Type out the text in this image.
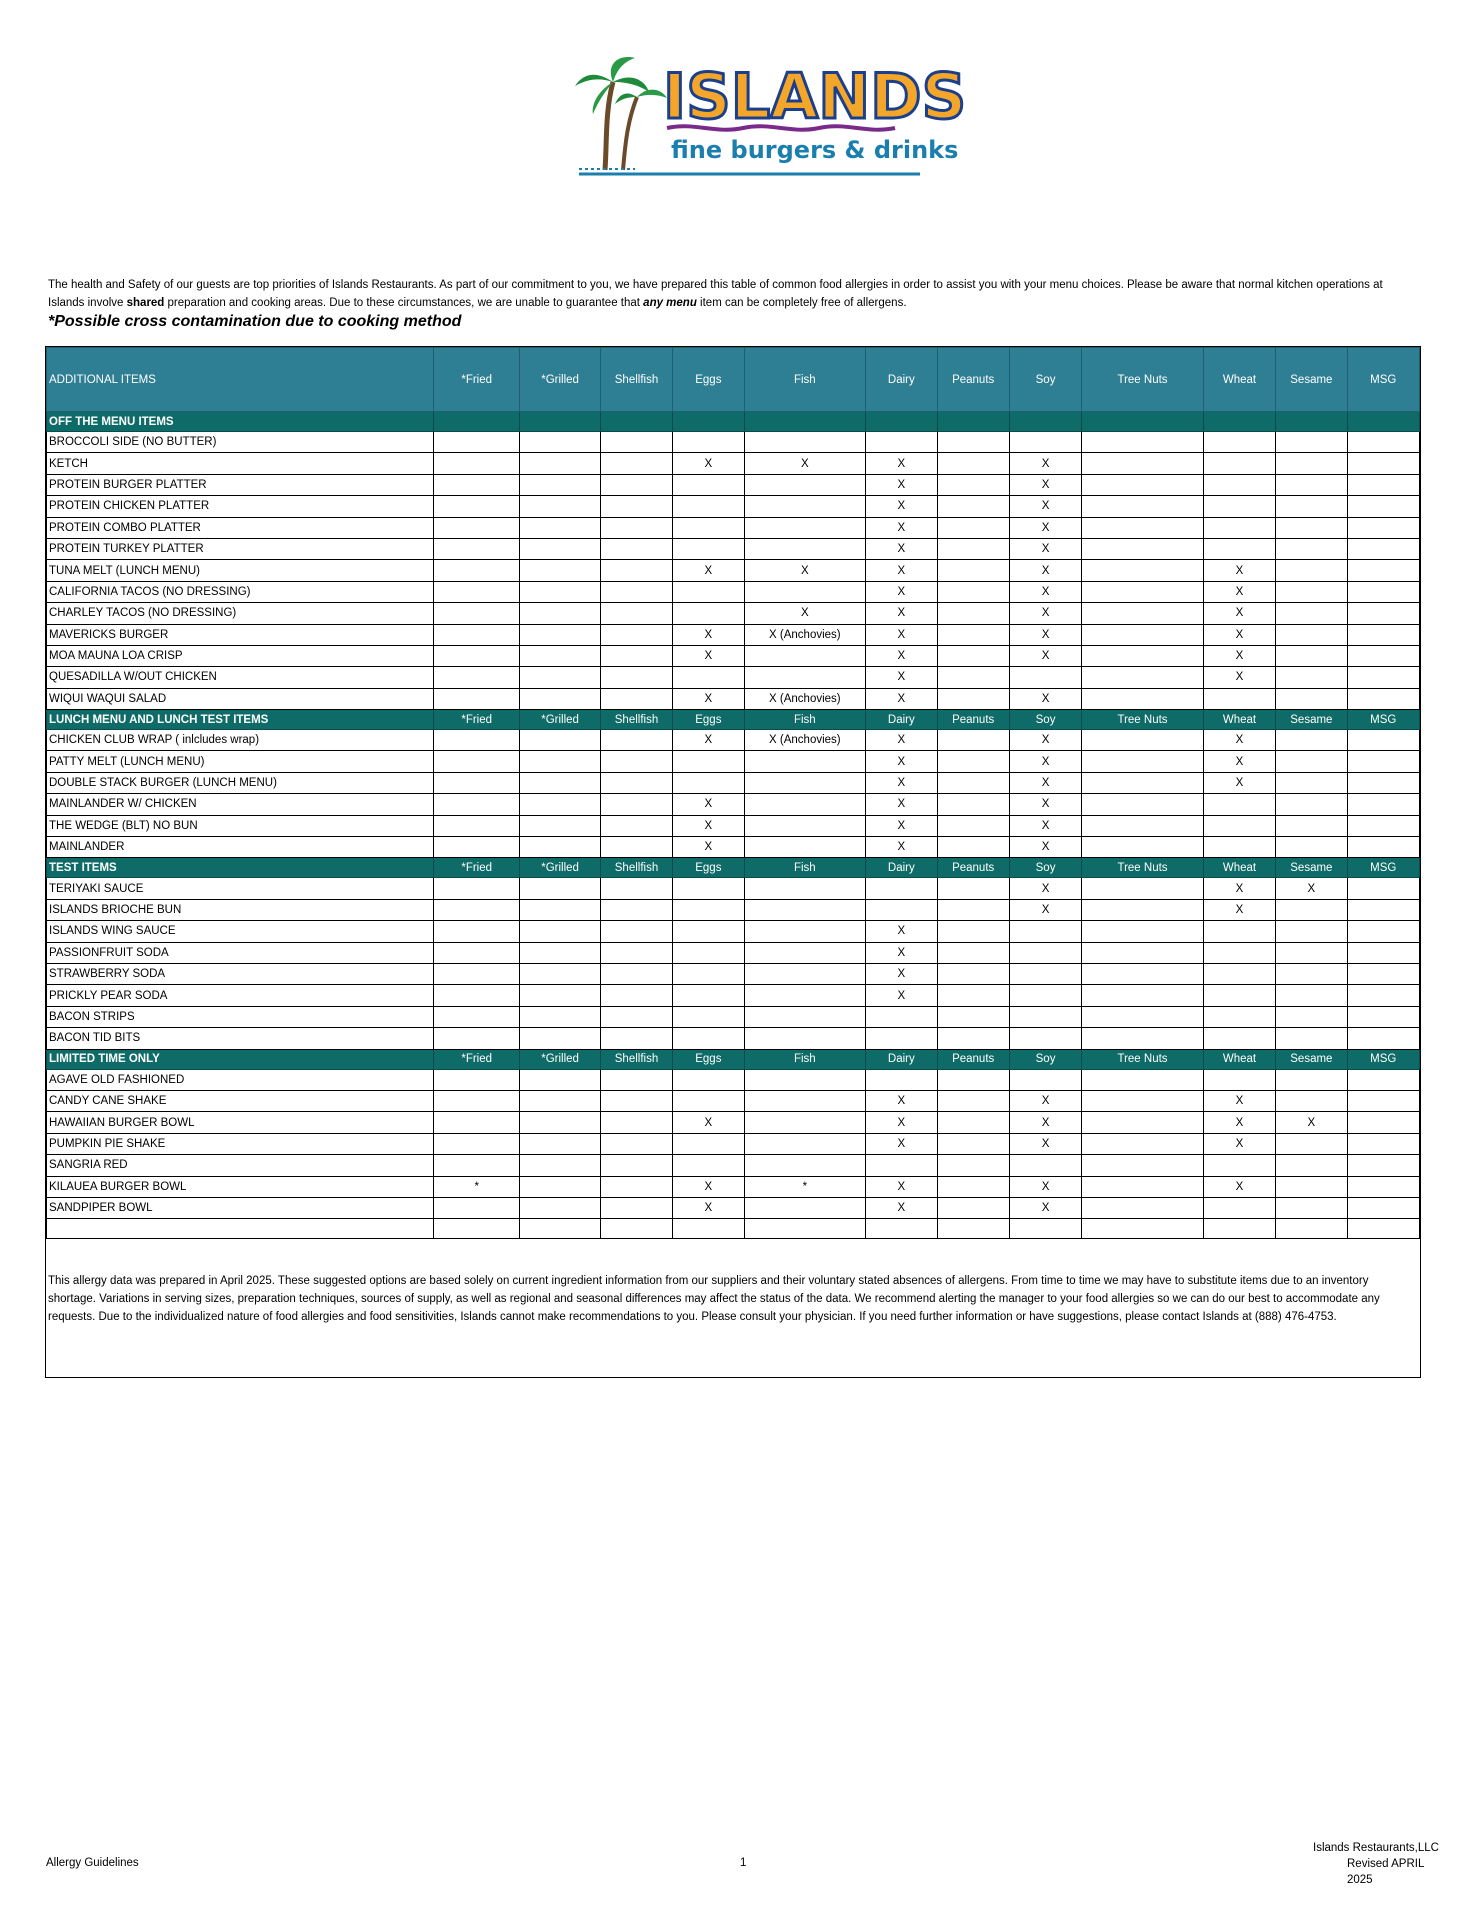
ISLANDS
fine burgers & drinks
The health and Safety of our guests are top priorities of Islands Restaurants. As part of our commitment to you, we have prepared this table of common food allergies in order to assist you with your menu choices. Please be aware that normal kitchen operations at Islands involve shared preparation and cooking areas. Due to these circumstances, we are unable to guarantee that any menu item can be completely free of allergens.
*Possible cross contamination due to cooking method
ADDITIONAL ITEMS	*Fried	*Grilled	Shellfish	Eggs	Fish	Dairy	Peanuts	Soy	Tree Nuts	Wheat	Sesame	MSG
OFF THE MENU ITEMS												
BROCCOLI SIDE (NO BUTTER)												
KETCH				X	X	X		X				
PROTEIN BURGER PLATTER						X		X				
PROTEIN CHICKEN PLATTER						X		X				
PROTEIN COMBO PLATTER						X		X				
PROTEIN TURKEY PLATTER						X		X				
TUNA MELT (LUNCH MENU)				X	X	X		X		X		
CALIFORNIA TACOS (NO DRESSING)						X		X		X		
CHARLEY TACOS (NO DRESSING)					X	X		X		X		
MAVERICKS BURGER				X	X (Anchovies)	X		X		X		
MOA MAUNA LOA CRISP				X		X		X		X		
QUESADILLA W/OUT CHICKEN						X				X		
WIQUI WAQUI SALAD				X	X (Anchovies)	X		X				
LUNCH MENU AND LUNCH TEST ITEMS	*Fried	*Grilled	Shellfish	Eggs	Fish	Dairy	Peanuts	Soy	Tree Nuts	Wheat	Sesame	MSG
CHICKEN CLUB WRAP ( inlcludes wrap)				X	X (Anchovies)	X		X		X		
PATTY MELT (LUNCH MENU)						X		X		X		
DOUBLE STACK BURGER (LUNCH MENU)						X		X		X		
MAINLANDER W/ CHICKEN				X		X		X				
THE WEDGE (BLT) NO BUN				X		X		X				
MAINLANDER				X		X		X				
TEST ITEMS	*Fried	*Grilled	Shellfish	Eggs	Fish	Dairy	Peanuts	Soy	Tree Nuts	Wheat	Sesame	MSG
TERIYAKI SAUCE								X		X	X	
ISLANDS BRIOCHE BUN								X		X		
ISLANDS WING SAUCE						X						
PASSIONFRUIT SODA						X						
STRAWBERRY SODA						X						
PRICKLY PEAR SODA						X						
BACON STRIPS												
BACON TID BITS												
LIMITED TIME ONLY	*Fried	*Grilled	Shellfish	Eggs	Fish	Dairy	Peanuts	Soy	Tree Nuts	Wheat	Sesame	MSG
AGAVE OLD FASHIONED												
CANDY CANE SHAKE						X		X		X		
HAWAIIAN BURGER BOWL				X		X		X		X	X	
PUMPKIN PIE SHAKE						X		X		X		
SANGRIA RED												
KILAUEA BURGER BOWL	*			X	*	X		X		X		
SANDPIPER BOWL				X		X		X				

This allergy data was prepared in April 2025. These suggested options are based solely on current ingredient information from our suppliers and their voluntary stated absences of allergens. From time to time we may have to substitute items due to an inventory shortage. Variations in serving sizes, preparation techniques, sources of supply, as well as regional and seasonal differences may affect the status of the data. We recommend alerting the manager to your food allergies so we can do our best to accommodate any requests. Due to the individualized nature of food allergies and food sensitivities, Islands cannot make recommendations to you. Please consult your physician. If you need further information or have suggestions, please contact Islands at (888) 476-4753.
Allergy Guidelines	1
Islands Restaurants,LLC
Revised APRIL
2025
